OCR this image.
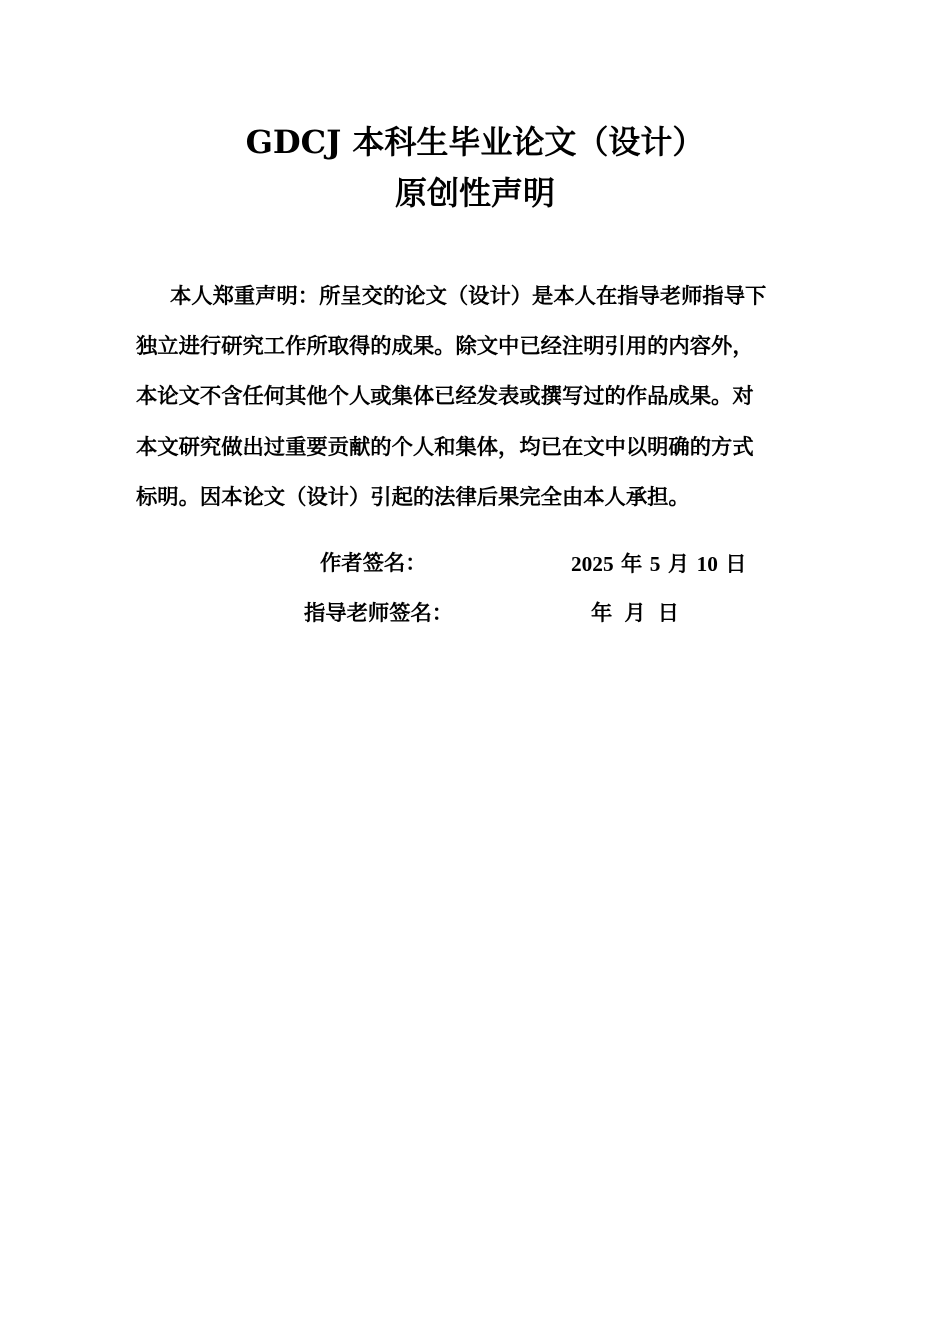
GDCJ 本科生毕业论文（设计）
原创性声明
本人郑重声明：所呈交的论文（设计）是本人在指导老师指导下
独立进行研究工作所取得的成果。除文中已经注明引用的内容外，
本论文不含任何其他个人或集体已经发表或撰写过的作品成果。对
本文研究做出过重要贡献的个人和集体，均已在文中以明确的方式
标明。因本论文（设计）引起的法律后果完全由本人承担。
作者签名：	2025 年 5 月 10 日
指导老师签名：	年 月 日
